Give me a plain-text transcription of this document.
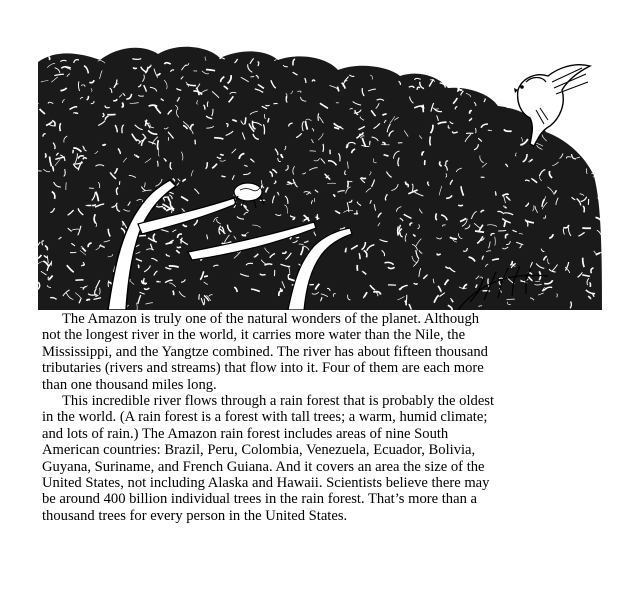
The Amazon is truly one of the natural wonders of the planet. Although
not the longest river in the world, it carries more water than the Nile, the
Mississippi, and the Yangtze combined. The river has about fifteen thousand
tributaries (rivers and streams) that flow into it. Four of them are each more
than one thousand miles long.

This incredible river flows through a rain forest that is probably the oldest
in the world. (A rain forest is a forest with tall trees; a warm, humid climate;
and lots of rain.) The Amazon rain forest includes areas of nine South
American countries: Brazil, Peru, Colombia, Venezuela, Ecuador, Bolivia,
Guyana, Suriname, and French Guiana. And it covers an area the size of the
United States, not including Alaska and Hawaii. Scientists believe there may
be around 400 billion individual trees in the rain forest. That’s more than a
thousand trees for every person in the United States.
